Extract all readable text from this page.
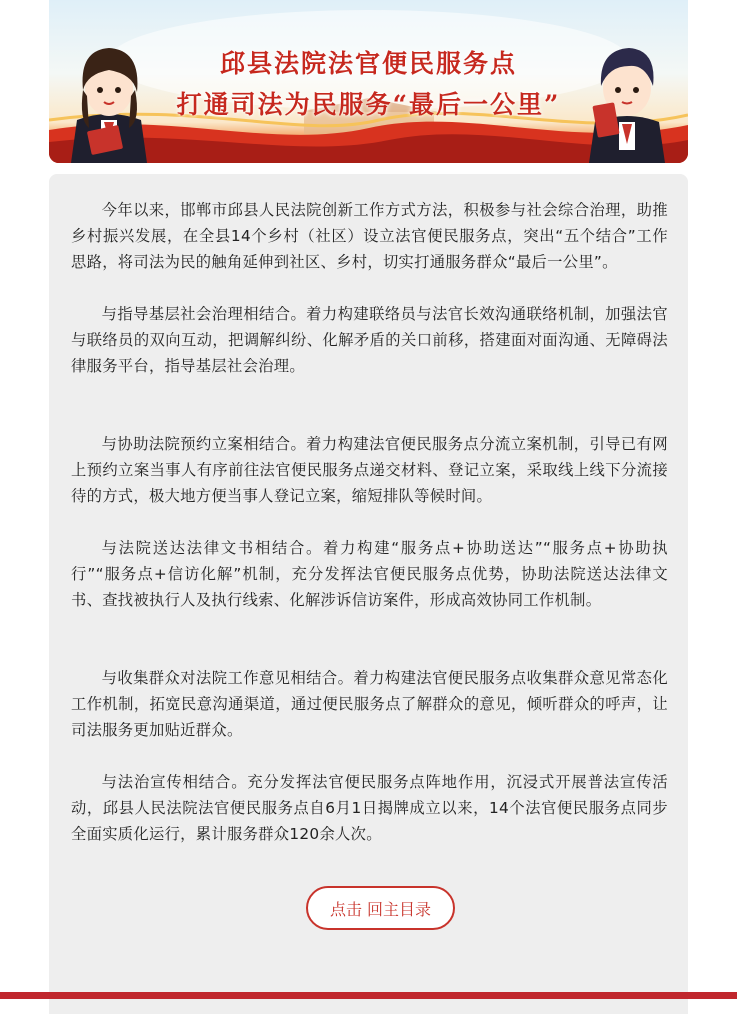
邱县法院法官便民服务点
打通司法为民服务“最后一公里”

今年以来，邯郸市邱县人民法院创新工作方式方法，积极参与社会综合治理，助推乡村振兴发展，在全县14个乡村（社区）设立法官便民服务点，突出“五个结合”工作思路，将司法为民的触角延伸到社区、乡村，切实打通服务群众“最后一公里”。

与指导基层社会治理相结合。着力构建联络员与法官长效沟通联络机制，加强法官与联络员的双向互动，把调解纠纷、化解矛盾的关口前移，搭建面对面沟通、无障碍法律服务平台，指导基层社会治理。

与协助法院预约立案相结合。着力构建法官便民服务点分流立案机制，引导已有网上预约立案当事人有序前往法官便民服务点递交材料、登记立案，采取线上线下分流接待的方式，极大地方便当事人登记立案，缩短排队等候时间。

与法院送达法律文书相结合。着力构建“服务点+协助送达”“服务点+协助执行”“服务点+信访化解”机制，充分发挥法官便民服务点优势，协助法院送达法律文书、查找被执行人及执行线索、化解涉诉信访案件，形成高效协同工作机制。

与收集群众对法院工作意见相结合。着力构建法官便民服务点收集群众意见常态化工作机制，拓宽民意沟通渠道，通过便民服务点了解群众的意见，倾听群众的呼声，让司法服务更加贴近群众。

与法治宣传相结合。充分发挥法官便民服务点阵地作用，沉浸式开展普法宣传活动，邱县人民法院法官便民服务点自6月1日揭牌成立以来，14个法官便民服务点同步全面实质化运行，累计服务群众120余人次。

点击 回主目录
